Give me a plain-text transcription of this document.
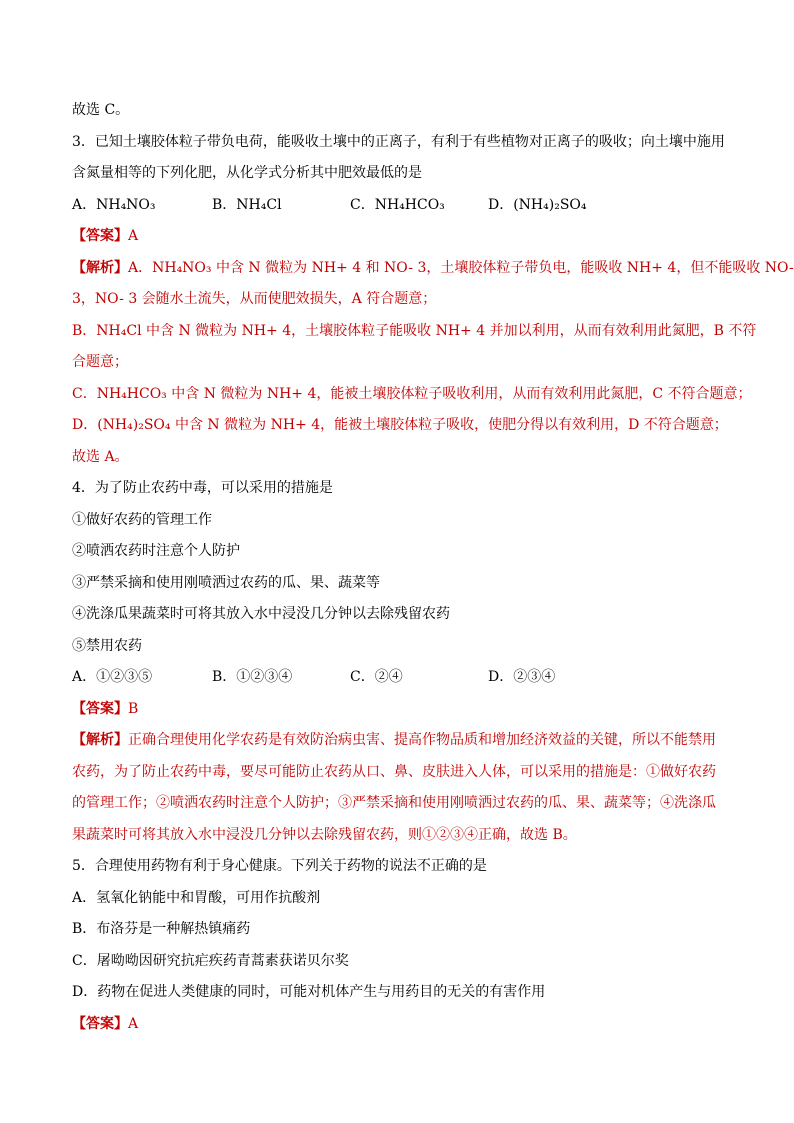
故选 C。
3．已知土壤胶体粒子带负电荷，能吸收土壤中的正离子，有利于有些植物对正离子的吸收；向土壤中施用
含氮量相等的下列化肥，从化学式分析其中肥效最低的是
A．NH₄NO₃	B．NH₄Cl	C．NH₄HCO₃	D．(NH₄)₂SO₄
【答案】A
【解析】A．NH₄NO₃ 中含 N 微粒为 NH+ 4 和 NO- 3，土壤胶体粒子带负电，能吸收 NH+ 4，但不能吸收 NO-
3，NO- 3 会随水土流失，从而使肥效损失，A 符合题意；
B．NH₄Cl 中含 N 微粒为 NH+ 4，土壤胶体粒子能吸收 NH+ 4 并加以利用，从而有效利用此氮肥，B 不符
合题意；
C．NH₄HCO₃ 中含 N 微粒为 NH+ 4，能被土壤胶体粒子吸收利用，从而有效利用此氮肥，C 不符合题意；
D．(NH₄)₂SO₄ 中含 N 微粒为 NH+ 4，能被土壤胶体粒子吸收，使肥分得以有效利用，D 不符合题意；
故选 A。
4．为了防止农药中毒，可以采用的措施是
①做好农药的管理工作
②喷洒农药时注意个人防护
③严禁采摘和使用刚喷洒过农药的瓜、果、蔬菜等
④洗涤瓜果蔬菜时可将其放入水中浸没几分钟以去除残留农药
⑤禁用农药
A．①②③⑤	B．①②③④	C．②④	D．②③④
【答案】B
【解析】正确合理使用化学农药是有效防治病虫害、提高作物品质和增加经济效益的关键，所以不能禁用
农药，为了防止农药中毒，要尽可能防止农药从口、鼻、皮肤进入人体，可以采用的措施是：①做好农药
的管理工作；②喷洒农药时注意个人防护；③严禁采摘和使用刚喷洒过农药的瓜、果、蔬菜等；④洗涤瓜
果蔬菜时可将其放入水中浸没几分钟以去除残留农药，则①②③④正确，故选 B。
5．合理使用药物有利于身心健康。下列关于药物的说法不正确的是
A．氢氧化钠能中和胃酸，可用作抗酸剂
B．布洛芬是一种解热镇痛药
C．屠呦呦因研究抗疟疾药青蒿素获诺贝尔奖
D．药物在促进人类健康的同时，可能对机体产生与用药目的无关的有害作用
【答案】A
